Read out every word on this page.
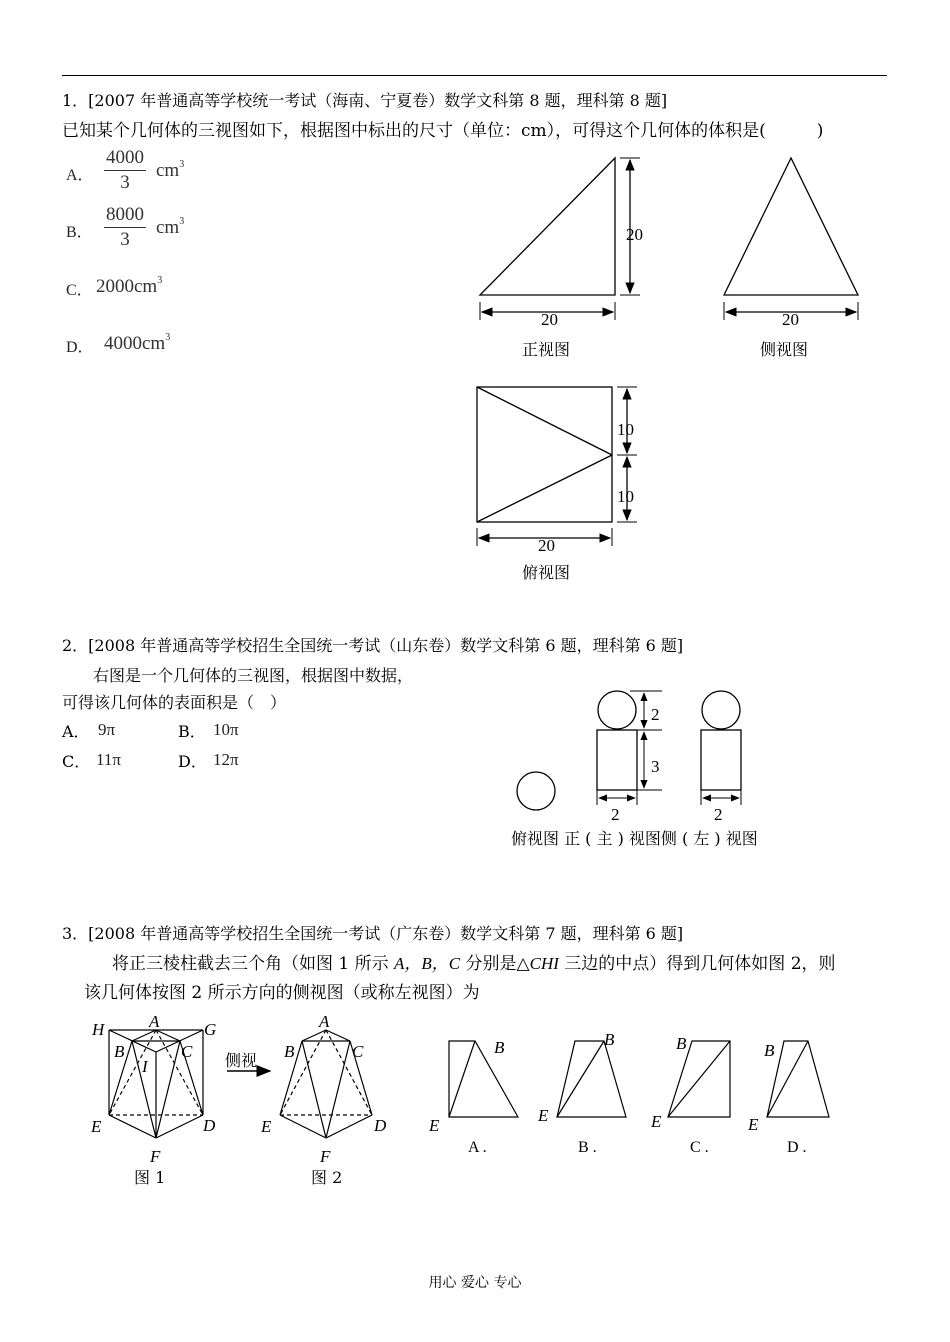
1．[2007 年普通高等学校统一考试（海南、宁夏卷）数学文科第 8 题，理科第 8 题]
已知某个几何体的三视图如下，根据图中标出的尺寸（单位：cm），可得这个几何体的体积是(　　　)
A． $\frac{4000}{3} cm^3$
B． $\frac{8000}{3} cm^3$
C． $2000cm^3$
D． $4000cm^3$
20
20
正视图
20
侧视图
10
10
20
俯视图
2．[2008 年普通高等学校招生全国统一考试（山东卷）数学文科第 6 题，理科第 6 题]
右图是一个几何体的三视图，根据图中数据，
可得该几何体的表面积是（　）
A． 9π	B． 10π
C． 11π	D． 12π
2
3
2	2
俯视图 正 ( 主 ) 视图侧 ( 左 ) 视图
3．[2008 年普通高等学校招生全国统一考试（广东卷）数学文科第 7 题，理科第 6 题]
将正三棱柱截去三个角（如图 1 所示 A，B，C 分别是△CHI 三边的中点）得到几何体如图 2，则
该几何体按图 2 所示方向的侧视图（或称左视图）为
H	A	G
B
I
C
E	D
F
图 1
侧视
A
B	C
E	D
F
图 2
B
E
A .
B
E
B .
B
E
C .
B
E
D .
用心 爱心 专心
